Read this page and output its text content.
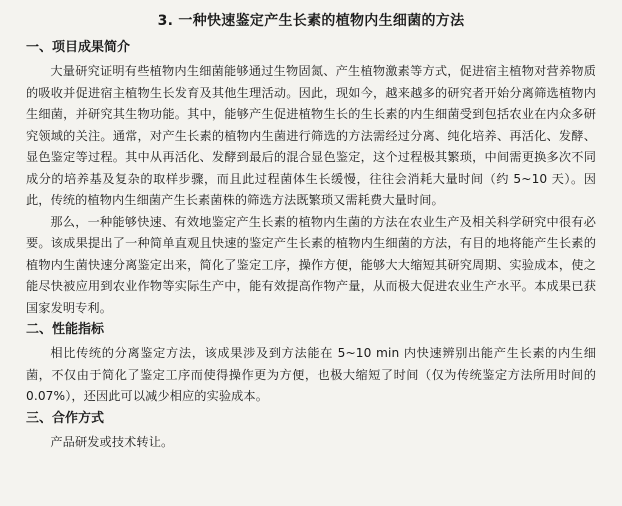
3. 一种快速鉴定产生长素的植物内生细菌的方法
一、项目成果简介

大量研究证明有些植物内生细菌能够通过生物固氮、产生植物激素等方式，促进宿主植物对营养物质的吸收并促进宿主植物生长发育及其他生理活动。因此，现如今，越来越多的研究者开始分离筛选植物内生细菌，并研究其生物功能。其中，能够产生促进植物生长的生长素的内生细菌受到包括农业在内众多研究领域的关注。通常，对产生长素的植物内生菌进行筛选的方法需经过分离、纯化培养、再活化、发酵、显色鉴定等过程。其中从再活化、发酵到最后的混合显色鉴定，这个过程极其繁琐，中间需更换多次不同成分的培养基及复杂的取样步骤，而且此过程菌体生长缓慢，往往会消耗大量时间（约 5~10 天）。因此，传统的植物内生细菌产生长素菌株的筛选方法既繁琐又需耗费大量时间。

那么，一种能够快速、有效地鉴定产生长素的植物内生菌的方法在农业生产及相关科学研究中很有必要。该成果提出了一种简单直观且快速的鉴定产生长素的植物内生细菌的方法，有目的地将能产生长素的植物内生菌快速分离鉴定出来，简化了鉴定工序，操作方便，能够大大缩短其研究周期、实验成本，使之能尽快被应用到农业作物等实际生产中，能有效提高作物产量，从而极大促进农业生产水平。本成果已获国家发明专利。

二、性能指标

相比传统的分离鉴定方法，该成果涉及到方法能在 5~10 min 内快速辨别出能产生长素的内生细菌，不仅由于简化了鉴定工序而使得操作更为方便，也极大缩短了时间（仅为传统鉴定方法所用时间的 0.07%），还因此可以减少相应的实验成本。

三、合作方式

产品研发或技术转让。
